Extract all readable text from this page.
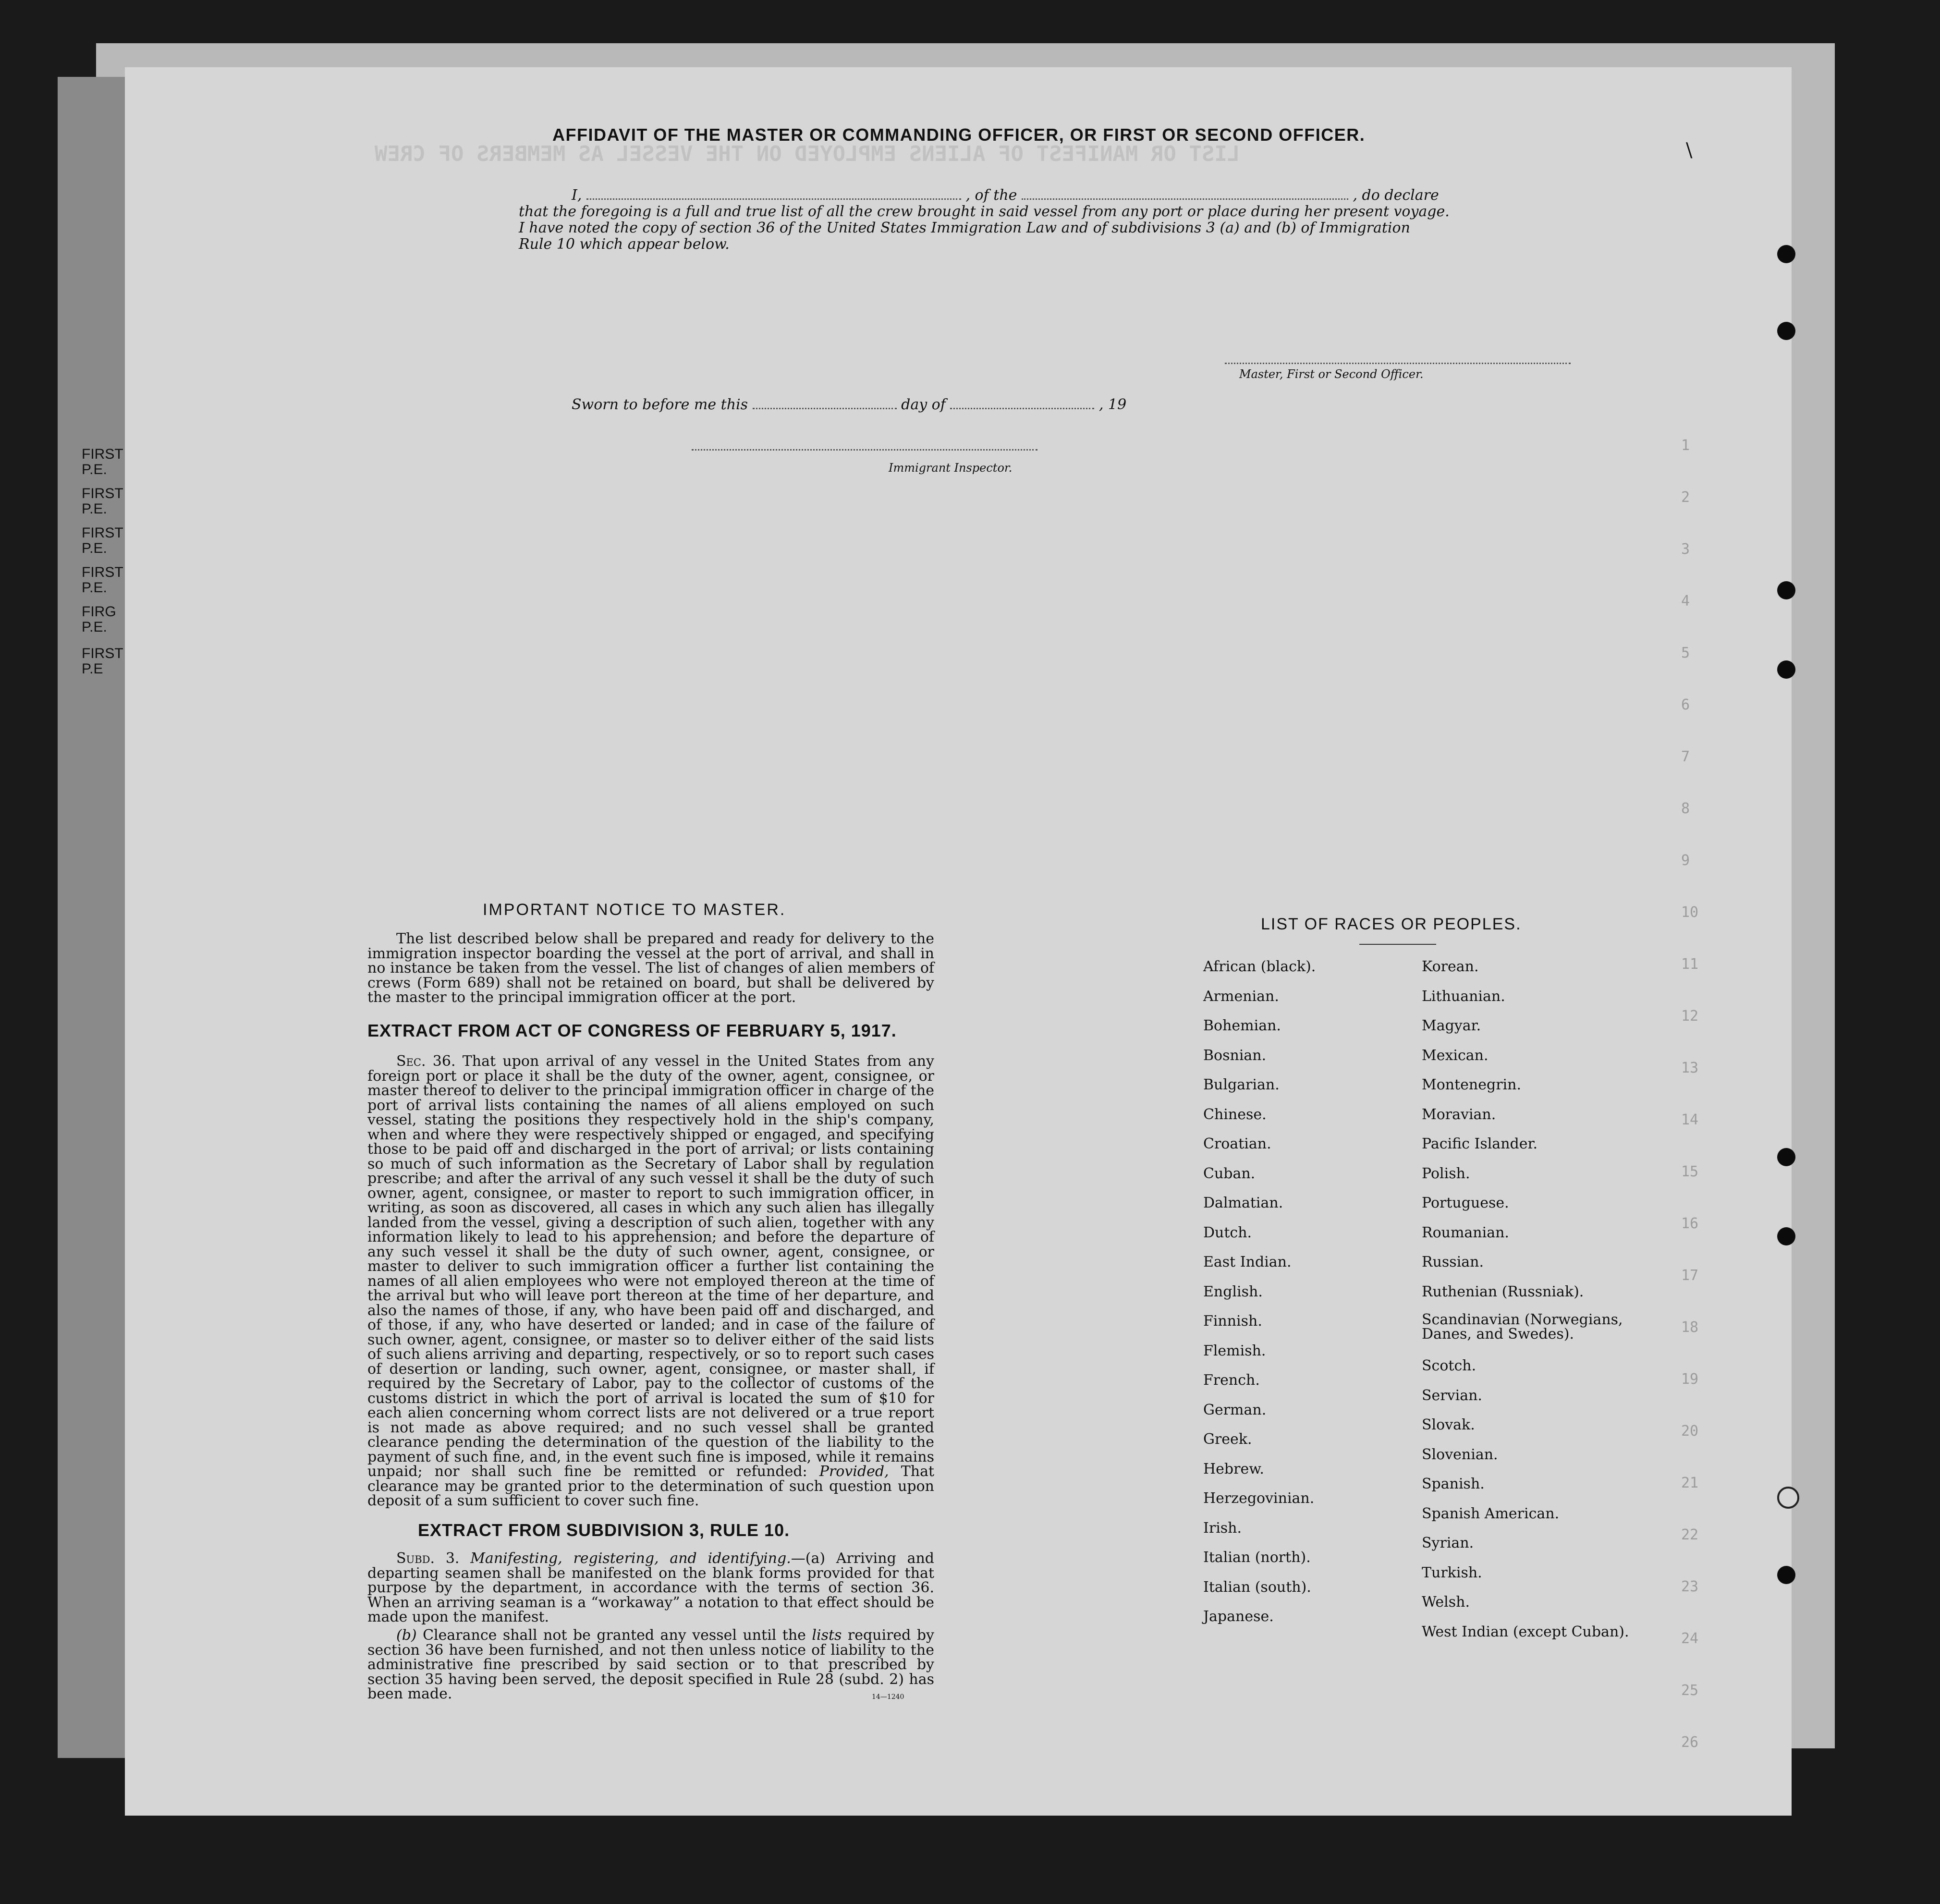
FIRST
P.E.
FIRST
P.E.
FIRST
P.E.
FIRST
P.E.
FIRG
P.E.
FIRST
P.E
LIST OR MANIFEST OF ALIENS EMPLOYED ON THE VESSEL AS MEMBERS OF CREW
1
2
3
4
5
6
7
8
9
10
11
12
13
14
15
16
17
18
19
20
21
22
23
24
25
26
\
AFFIDAVIT OF THE MASTER OR COMMANDING OFFICER, OR FIRST OR SECOND OFFICER.
I,	, of the	, do declare
that the foregoing is a full and true list of all the crew brought in said vessel from any port or place during her present voyage.
I have noted the copy of section 36 of the United States Immigration Law and of subdivisions 3 (a) and (b) of Immigration
Rule 10 which appear below.
Master, First or Second Officer.
Sworn to before me this	day of	, 19
Immigrant Inspector.
IMPORTANT NOTICE TO MASTER.
The list described below shall be prepared and ready for delivery to the immigration inspector boarding the vessel at the port of arrival, and shall in no instance be taken from the vessel. The list of changes of alien members of crews (Form 689) shall not be retained on board, but shall be delivered by the master to the principal immigration officer at the port.
EXTRACT FROM ACT OF CONGRESS OF FEBRUARY 5, 1917.
Sec. 36. That upon arrival of any vessel in the United States from any foreign port or place it shall be the duty of the owner, agent, consignee, or master thereof to deliver to the principal immigration officer in charge of the port of arrival lists containing the names of all aliens employed on such vessel, stating the positions they respectively hold in the ship's company, when and where they were respectively shipped or engaged, and specifying those to be paid off and discharged in the port of arrival; or lists containing so much of such information as the Secretary of Labor shall by regulation prescribe; and after the arrival of any such vessel it shall be the duty of such owner, agent, consignee, or master to report to such immigration officer, in writing, as soon as discovered, all cases in which any such alien has illegally landed from the vessel, giving a description of such alien, together with any information likely to lead to his apprehension; and before the departure of any such vessel it shall be the duty of such owner, agent, consignee, or master to deliver to such immigration officer a further list containing the names of all alien employees who were not employed thereon at the time of the arrival but who will leave port thereon at the time of her departure, and also the names of those, if any, who have been paid off and discharged, and of those, if any, who have deserted or landed; and in case of the failure of such owner, agent, consignee, or master so to deliver either of the said lists of such aliens arriving and departing, respectively, or so to report such cases of desertion or landing, such owner, agent, consignee, or master shall, if required by the Secretary of Labor, pay to the collector of customs of the customs district in which the port of arrival is located the sum of $10 for each alien concerning whom correct lists are not delivered or a true report is not made as above required; and no such vessel shall be granted clearance pending the determination of the question of the liability to the payment of such fine, and, in the event such fine is imposed, while it remains unpaid; nor shall such fine be remitted or refunded: Provided, That clearance may be granted prior to the determination of such question upon deposit of a sum sufficient to cover such fine.
EXTRACT FROM SUBDIVISION 3, RULE 10.
Subd. 3. Manifesting, registering, and identifying.—(a) Arriving and departing seamen shall be manifested on the blank forms provided for that purpose by the department, in accordance with the terms of section 36. When an arriving seaman is a “workaway” a notation to that effect should be made upon the manifest.
(b) Clearance shall not be granted any vessel until the lists required by section 36 have been furnished, and not then unless notice of liability to the administrative fine prescribed by said section or to that prescribed by section 35 having been served, the deposit specified in Rule 28 (subd. 2) has been made.	14—1240
LIST OF RACES OR PEOPLES.
African (black).
Armenian.
Bohemian.
Bosnian.
Bulgarian.
Chinese.
Croatian.
Cuban.
Dalmatian.
Dutch.
East Indian.
English.
Finnish.
Flemish.
French.
German.
Greek.
Hebrew.
Herzegovinian.
Irish.
Italian (north).
Italian (south).
Japanese.
Korean.
Lithuanian.
Magyar.
Mexican.
Montenegrin.
Moravian.
Pacific Islander.
Polish.
Portuguese.
Roumanian.
Russian.
Ruthenian (Russniak).
Scandinavian (Norwegians, Danes, and Swedes).
Scotch.
Servian.
Slovak.
Slovenian.
Spanish.
Spanish American.
Syrian.
Turkish.
Welsh.
West Indian (except Cuban).
